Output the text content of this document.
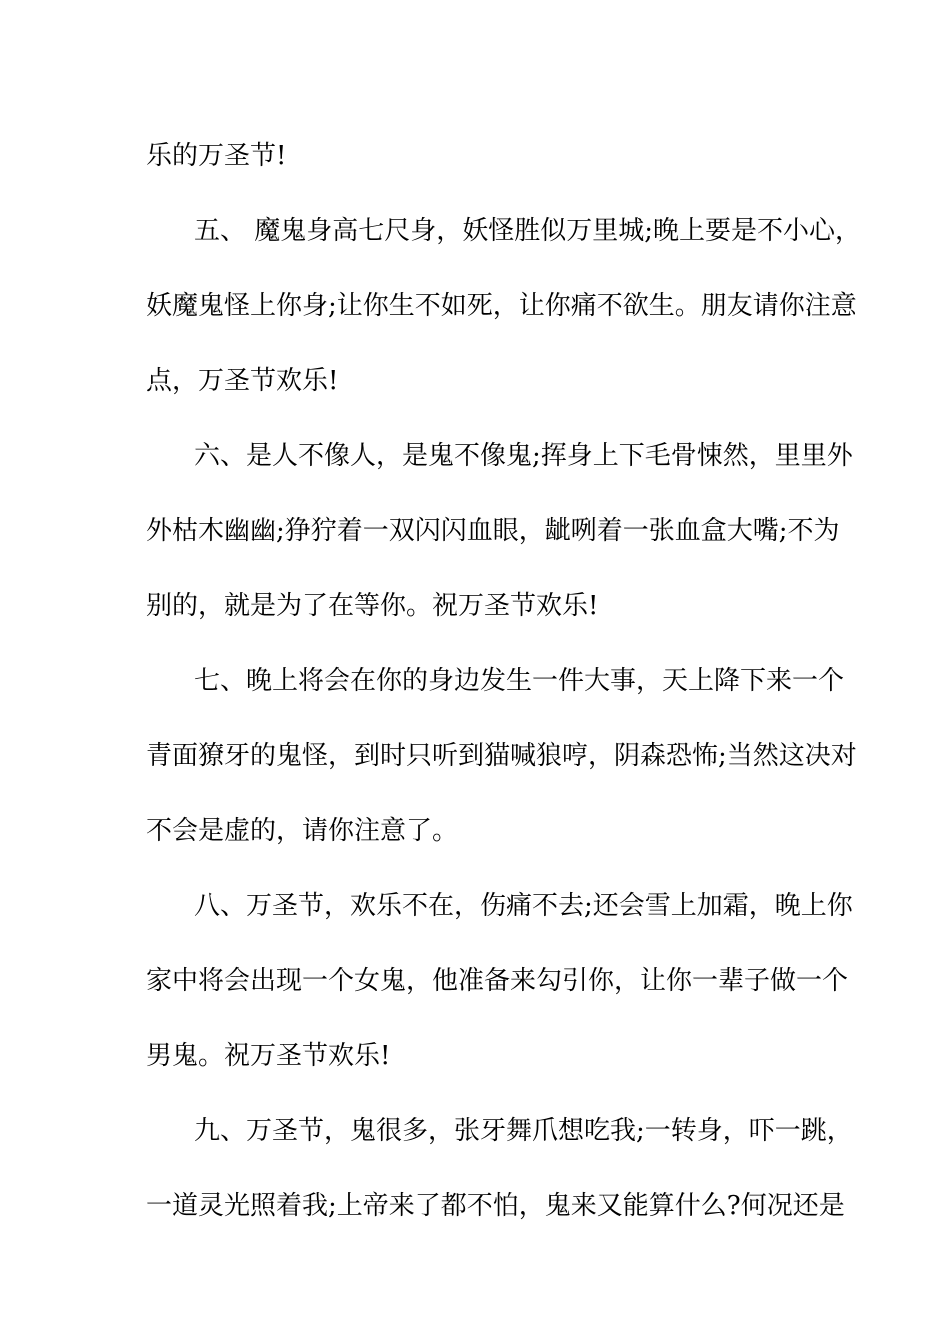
乐的万圣节!
五、 魔鬼身高七尺身，妖怪胜似万里城;晚上要是不小心，
妖魔鬼怪上你身;让你生不如死，让你痛不欲生。朋友请你注意
点，万圣节欢乐!
六、是人不像人，是鬼不像鬼;挥身上下毛骨悚然，里里外
外枯木幽幽;狰狞着一双闪闪血眼，龇咧着一张血盒大嘴;不为
别的，就是为了在等你。祝万圣节欢乐!
七、晚上将会在你的身边发生一件大事，天上降下来一个
青面獠牙的鬼怪，到时只听到猫喊狼哼，阴森恐怖;当然这决对
不会是虚的，请你注意了。
八、万圣节，欢乐不在，伤痛不去;还会雪上加霜，晚上你
家中将会出现一个女鬼，他准备来勾引你，让你一辈子做一个
男鬼。祝万圣节欢乐!
九、万圣节，鬼很多，张牙舞爪想吃我;一转身，吓一跳，
一道灵光照着我;上帝来了都不怕，鬼来又能算什么?何况还是
